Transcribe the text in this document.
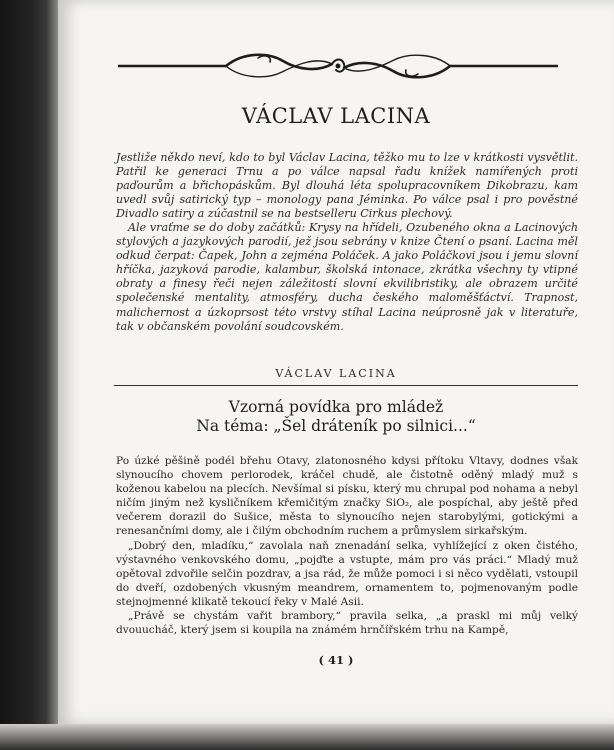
VÁCLAV LACINA

Jestliže někdo neví, kdo to byl Václav Lacina, těžko mu to lze v krátkosti vysvětlit. Patřil ke generaci Trnu a po válce napsal řadu knížek namířených proti paďourům a břichopáskům. Byl dlouhá léta spolupracovníkem Dikobrazu, kam uvedl svůj satirický typ – monology pana Jéminka. Po válce psal i pro pověstné Divadlo satiry a zúčastnil se na bestselleru Cirkus plechový.

Ale vraťme se do doby začátků: Krysy na hřídeli, Ozubeného okna a Lacinových stylových a jazykových parodií, jež jsou sebrány v knize Čtení o psaní. Lacina měl odkud čerpat: Čapek, John a zejména Poláček. A jako Poláčkovi jsou i jemu slovní hříčka, jazyková parodie, kalambur, školská intonace, zkrátka všechny ty vtipné obraty a finesy řeči nejen záležitostí slovní ekvilibristiky, ale obrazem určité společenské mentality, atmosféry, ducha českého maloměšťáctví. Trapnost, malichernost a úzkoprsost této vrstvy stíhal Lacina neúprosně jak v literatuře, tak v občanském povolání soudcovském.

VÁCLAV LACINA
Vzorná povídka pro mládež
Na téma: „Šel dráteník po silnici...“

Po úzké pěšině podél břehu Otavy, zlatonosného kdysi přítoku Vltavy, dodnes však slynoucího chovem perlorodek, kráčel chudě, ale čistotně oděný mladý muž s koženou kabelou na plecích. Nevšímal si písku, který mu chrupal pod nohama a nebyl ničím jiným než kysličníkem křemičitým značky SiO₂, ale pospíchal, aby ještě před večerem dorazil do Sušice, města to slynoucího nejen starobylými, gotickými a renesančními domy, ale i čilým obchodním ruchem a průmyslem sirkařským.

„Dobrý den, mladíku,“ zavolala naň znenadání selka, vyhlížející z oken čistého, výstavného venkovského domu, „pojďte a vstupte, mám pro vás práci.“ Mladý muž opětoval zdvořile selčin pozdrav, a jsa rád, že může pomoci i si něco vydělati, vstoupil do dveří, ozdobených vkusným meandrem, ornamentem to, pojmenovaným podle stejnojmenné klikatě tekoucí řeky v Malé Asii.

„Právě se chystám vařit brambory,“ pravila selka, „a praskl mi můj velký dvouucháč, který jsem si koupila na známém hrnčířském trhu na Kampě,

( 41 )
